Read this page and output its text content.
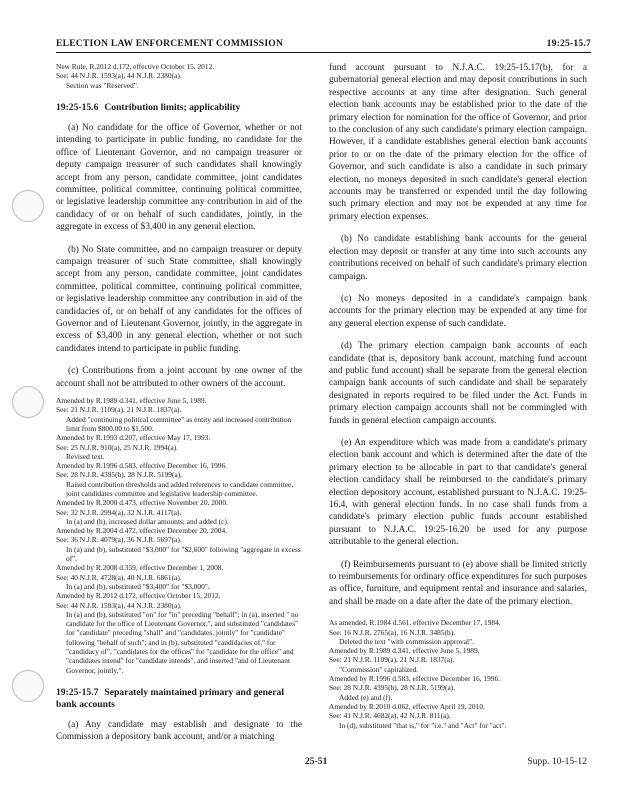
ELECTION LAW ENFORCEMENT COMMISSION	19:25-15.7

New Rule, R.2012 d.172, effective October 15, 2012.

See: 44 N.J.R. 1593(a), 44 N.J.R. 2380(a).

Section was "Reserved".

19:25-15.6 Contribution limits; applicability

(a) No candidate for the office of Governor, whether or not intending to participate in public funding, no candidate for the office of Lieutenant Governor, and no campaign treasurer or deputy campaign treasurer of such candidates shall knowingly accept from any person, candidate committee, joint candidates committee, political committee, continuing political committee, or legislative leadership committee any contribution in aid of the candidacy of or on behalf of such candidates, jointly, in the aggregate in excess of $3,400 in any general election.

(b) No State committee, and no campaign treasurer or deputy campaign treasurer of such State committee, shall knowingly accept from any person, candidate committee, joint candidates committee, political committee, continuing political committee, or legislative leadership committee any contribution in aid of the candidacies of, or on behalf of any candidates for the offices of Governor and of Lieutenant Governor, jointly, in the aggregate in excess of $3,400 in any general election, whether or not such candidates intend to participate in public funding.

(c) Contributions from a joint account by one owner of the account shall not be attributed to other owners of the account.

Amended by R.1989 d.341, effective June 5, 1989.

See: 21 N.J.R. 1109(a), 21 N.J.R. 1837(a).

Added "continuing political committee" as entity and increased contribution limit from $800.00 to $1,500.

Amended by R.1993 d.207, effective May 17, 1993.

See: 25 N.J.R. 910(a), 25 N.J.R. 1994(a).

Revised text.

Amended by R.1996 d.583, effective December 16, 1996.

See: 28 N.J.R. 4395(b), 28 N.J.R. 5199(a).

Raised contribution thresholds and added references to candidate committee, joint candidates committee and legislative leadership committee.

Amended by R.2000 d.473, effective November 20, 2000.

See: 32 N.J.R. 2994(a), 32 N.J.R. 4117(a).

In (a) and (b), increased dollar amounts; and added (c).

Amended by R.2004 d.472, effective December 20, 2004.

See: 36 N.J.R. 4079(a), 36 N.J.R. 5697(a).

In (a) and (b), substituted "$3,000" for "$2,600" following "aggregate in excess of".

Amended by R.2008 d.359, effective December 1, 2008.

See: 40 N.J.R. 4728(a), 40 N.J.R. 6861(a).

In (a) and (b), substituted "$3,400" for "$3,000".

Amended by R.2012 d.172, effective October 15, 2012.

See: 44 N.J.R. 1593(a), 44 N.J.R. 2380(a).

In (a) and (b), substituted "on" for "in" preceding "behalf"; in (a), inserted " no candidate for the office of Lieutenant Governor,", and substituted "candidates" for "candidate" preceding "shall" and "candidates, jointly" for "candidate" following "behalf of such"; and in (b), substituted "candidacies of," for "candidacy of", "candidates for the offices" for "candidate for the office" and "candidates intend" for "candidate intends", and inserted "and of Lieutenant Governor, jointly,".

19:25-15.7 Separately maintained primary and general bank accounts

(a) Any candidate may establish and designate to the Commission a depository bank account, and/or a matching

fund account pursuant to N.J.A.C. 19:25-15.17(b), for a gubernatorial general election and may deposit contributions in such respective accounts at any time after designation. Such general election bank accounts may be established prior to the date of the primary election for nomination for the office of Governor, and prior to the conclusion of any such candidate's primary election campaign. However, if a candidate establishes general election bank accounts prior to or on the date of the primary election for the office of Governor, and such candidate is also a candidate in such primary election, no moneys deposited in such candidate's general election accounts may be transferred or expended until the day following such primary election and may not be expended at any time for primary election expenses.

(b) No candidate establishing bank accounts for the general election may deposit or transfer at any time into such accounts any contributions received on behalf of such candidate's primary election campaign.

(c) No moneys deposited in a candidate's campaign bank accounts for the primary election may be expended at any time for any general election expense of such candidate.

(d) The primary election campaign bank accounts of each candidate (that is, depository bank account, matching fund account and public fund account) shall be separate from the general election campaign bank accounts of such candidate and shall be separately designated in reports required to be filed under the Act. Funds in primary election campaign accounts shall not be commingled with funds in general election campaign accounts.

(e) An expenditure which was made from a candidate's primary election bank account and which is determined after the date of the primary election to be allocable in part to that candidate's general election candidacy shall be reimbursed to the candidate's primary election depository account, established pursuant to N.J.A.C. 19:25-16.4, with general election funds. In no case shall funds from a candidate's primary election public funds account established pursuant to N.J.A.C. 19:25-16.20 be used for any purpose attributable to the general election.

(f) Reimbursements pursuant to (e) above shall be limited strictly to reimbursements for ordinary office expenditures for such purposes as office, furniture, and equipment rental and insurance and salaries, and shall be made on a date after the date of the primary election.

As amended, R.1984 d.561, effective December 17, 1984.

See: 16 N.J.R. 2765(a), 16 N.J.R. 3485(b).

Deleted the text "with commission approval".

Amended by R.1989 d.341, effective June 5, 1989.

See: 21 N.J.R. 1109(a), 21 N.J.R. 1837(a).

"Commission" capitalized.

Amended by R.1996 d.583, effective December 16, 1996.

See: 28 N.J.R. 4395(b), 28 N.J.R. 5199(a).

Added (e) and (f).

Amended by R.2010 d.062, effective April 19, 2010.

See: 41 N.J.R. 4682(a), 42 N.J.R. 811(a).

In (d), substituted "that is," for "i.e." and "Act" for "act".

25-51	Supp. 10-15-12
